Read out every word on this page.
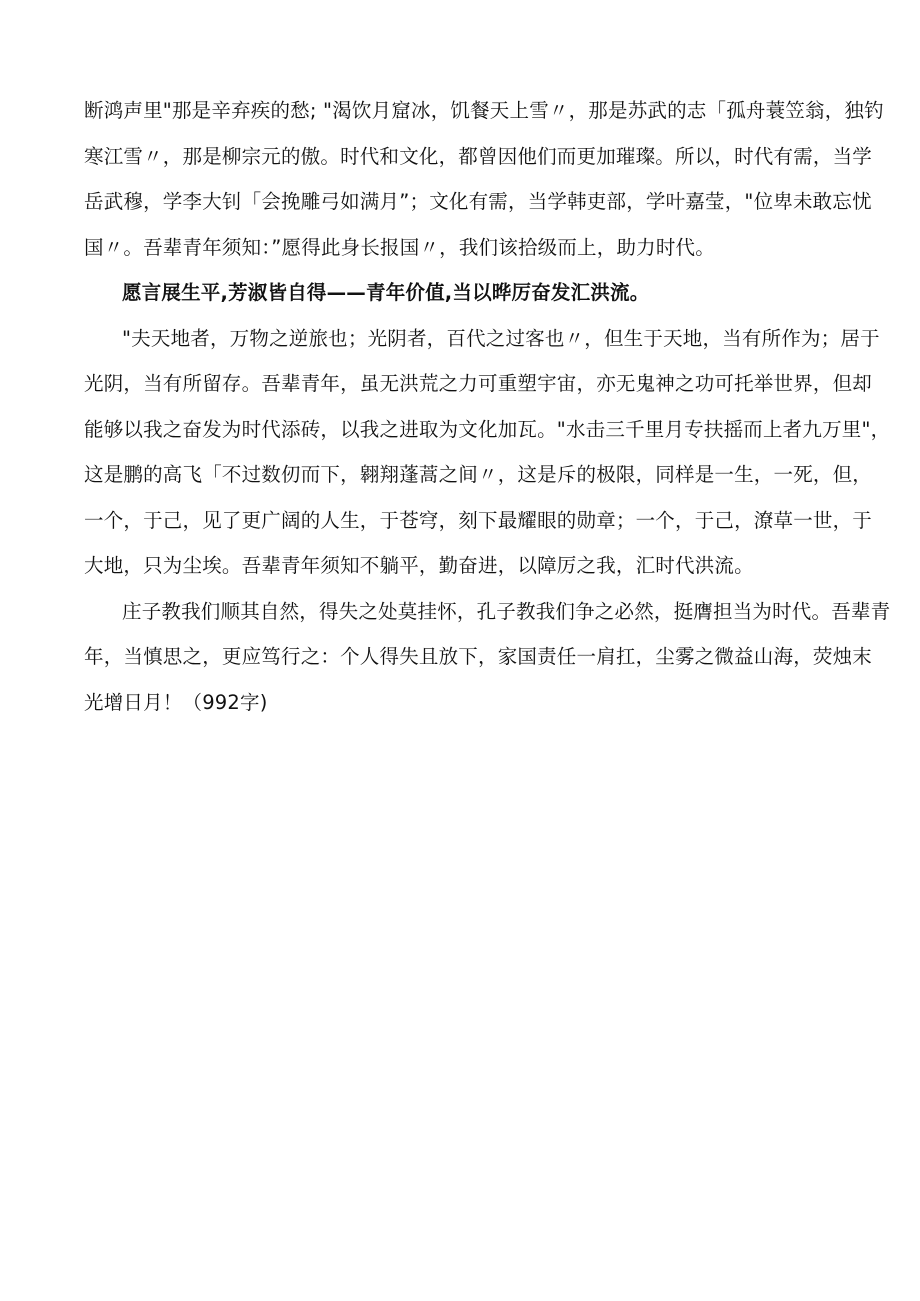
断鸿声里"那是辛弃疾的愁; "渴饮月窟冰，饥餐天上雪〃，那是苏武的志「孤舟蓑笠翁，独钓
寒江雪〃，那是柳宗元的傲。时代和文化，都曾因他们而更加璀璨。所以，时代有需，当学
岳武穆，学李大钊「会挽雕弓如满月”；文化有需，当学韩吏部，学叶嘉莹，"位卑未敢忘忧
国〃。吾辈青年须知：”愿得此身长报国〃，我们该拾级而上，助力时代。
愿言展生平,芳淑皆自得——青年价值,当以晔厉奋发汇洪流。
"夫天地者，万物之逆旅也；光阴者，百代之过客也〃，但生于天地，当有所作为；居于
光阴，当有所留存。吾辈青年，虽无洪荒之力可重塑宇宙，亦无鬼神之功可托举世界，但却
能够以我之奋发为时代添砖，以我之进取为文化加瓦。"水击三千里月专扶摇而上者九万里"，
这是鹏的高飞「不过数仞而下，翱翔蓬蒿之间〃，这是斥的极限，同样是一生，一死，但，
一个，于己，见了更广阔的人生，于苍穹，刻下最耀眼的勋章；一个，于己，潦草一世，于
大地，只为尘埃。吾辈青年须知不躺平，勤奋进，以障厉之我，汇时代洪流。
庄子教我们顺其自然，得失之处莫挂怀，孔子教我们争之必然，挺膺担当为时代。吾辈青
年，当慎思之，更应笃行之：个人得失且放下，家国责任一肩扛，尘雾之微益山海，荧烛末
光增日月！（992字)
